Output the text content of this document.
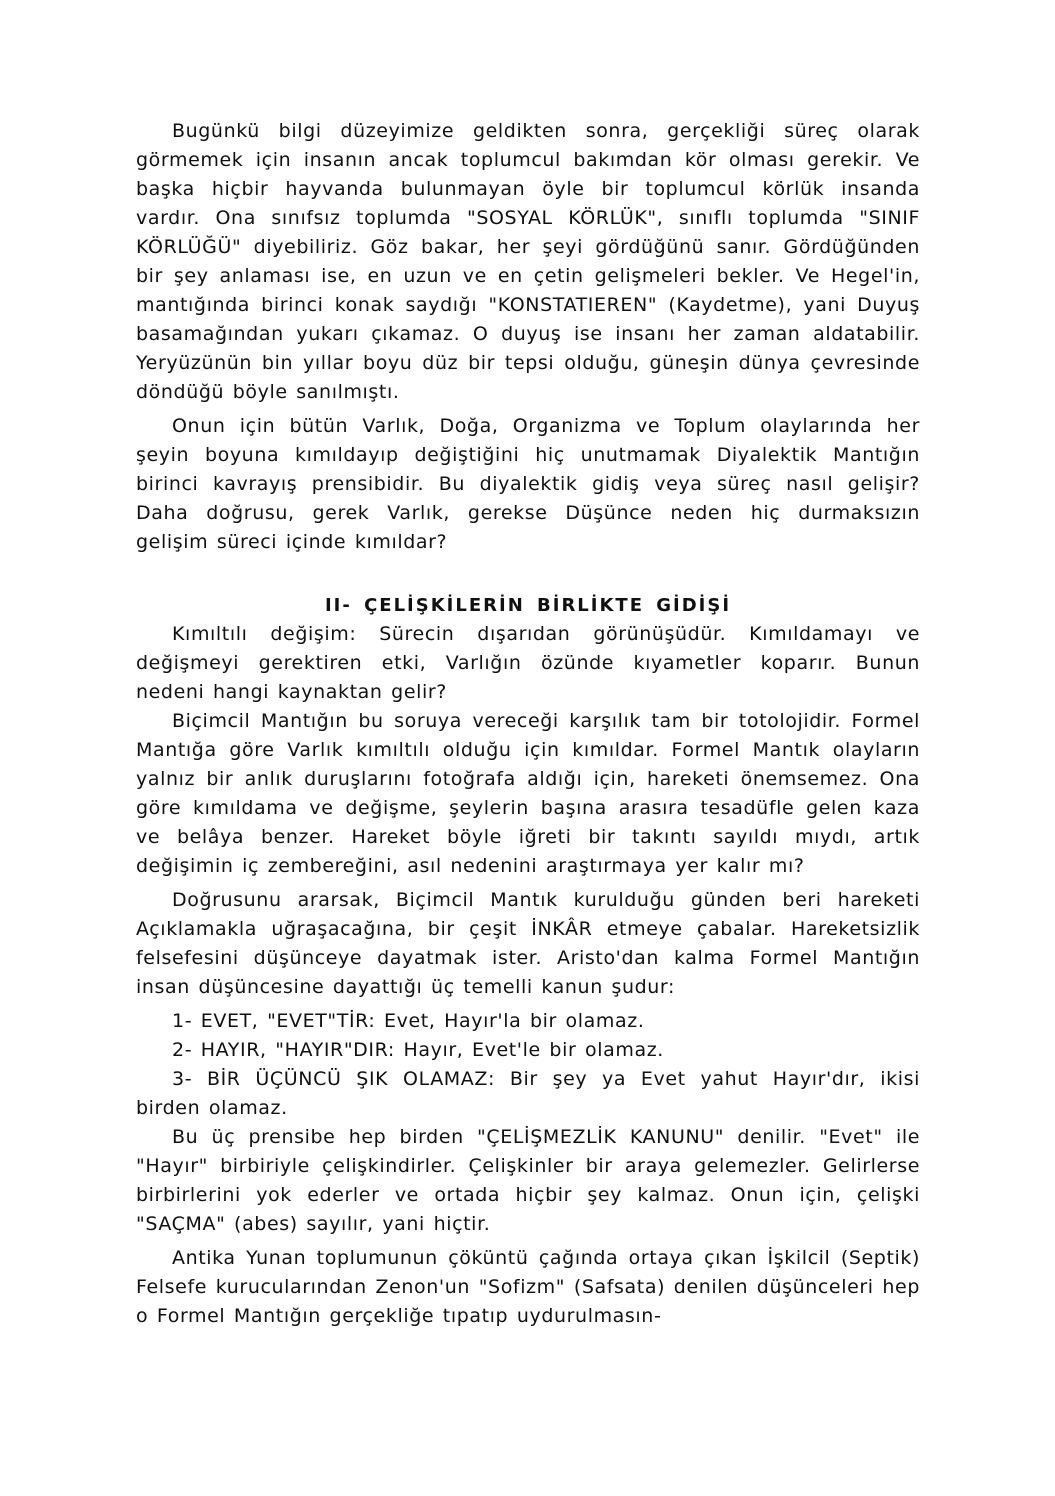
Bugünkü bilgi düzeyimize geldikten sonra, gerçekliği süreç olarak görmemek için insanın ancak toplumcul bakımdan kör olması gerekir. Ve başka hiçbir hayvanda bulunmayan öyle bir toplumcul körlük insanda vardır. Ona sınıfsız toplumda "SOSYAL KÖRLÜK", sınıflı toplumda "SINIF KÖRLÜĞÜ" diyebiliriz. Göz bakar, her şeyi gördüğünü sanır. Gördüğünden bir şey anlaması ise, en uzun ve en çetin gelişmeleri bekler. Ve Hegel'in, mantığında birinci konak saydığı "KONSTATIEREN" (Kaydetme), yani Duyuş basamağından yukarı çıkamaz. O duyuş ise insanı her zaman aldatabilir. Yeryüzünün bin yıllar boyu düz bir tepsi olduğu, güneşin dünya çevresinde döndüğü böyle sanılmıştı.

Onun için bütün Varlık, Doğa, Organizma ve Toplum olaylarında her şeyin boyuna kımıldayıp değiştiğini hiç unutmamak Diyalektik Mantığın birinci kavrayış prensibidir. Bu diyalektik gidiş veya süreç nasıl gelişir? Daha doğrusu, gerek Varlık, gerekse Düşünce neden hiç durmaksızın gelişim süreci içinde kımıldar?

II- ÇELİŞKİLERİN BİRLİKTE GİDİŞİ

Kımıltılı değişim: Sürecin dışarıdan görünüşüdür. Kımıldamayı ve değişmeyi gerektiren etki, Varlığın özünde kıyametler koparır. Bunun nedeni hangi kaynaktan gelir?

Biçimcil Mantığın bu soruya vereceği karşılık tam bir totolojidir. Formel Mantığa göre Varlık kımıltılı olduğu için kımıldar. Formel Mantık olayların yalnız bir anlık duruşlarını fotoğrafa aldığı için, hareketi önemsemez. Ona göre kımıldama ve değişme, şeylerin başına arasıra tesadüfle gelen kaza ve belâya benzer. Hareket böyle iğreti bir takıntı sayıldı mıydı, artık değişimin iç zembereğini, asıl nedenini araştırmaya yer kalır mı?

Doğrusunu ararsak, Biçimcil Mantık kurulduğu günden beri hareketi Açıklamakla uğraşacağına, bir çeşit İNKÂR etmeye çabalar. Hareketsizlik felsefesini düşünceye dayatmak ister. Aristo'dan kalma Formel Mantığın insan düşüncesine dayattığı üç temelli kanun şudur:

1- EVET, "EVET"TİR: Evet, Hayır'la bir olamaz.

2- HAYIR, "HAYIR"DIR: Hayır, Evet'le bir olamaz.

3- BİR ÜÇÜNCÜ ŞIK OLAMAZ: Bir şey ya Evet yahut Hayır'dır, ikisi birden olamaz.

Bu üç prensibe hep birden "ÇELİŞMEZLİK KANUNU" denilir. "Evet" ile "Hayır" birbiriyle çelişkindirler. Çelişkinler bir araya gelemezler. Gelirlerse birbirlerini yok ederler ve ortada hiçbir şey kalmaz. Onun için, çelişki "SAÇMA" (abes) sayılır, yani hiçtir.

Antika Yunan toplumunun çöküntü çağında ortaya çıkan İşkilcil (Septik) Felsefe kurucularından Zenon'un "Sofizm" (Safsata) denilen düşünceleri hep o Formel Mantığın gerçekliğe tıpatıp uydurulmasın-
